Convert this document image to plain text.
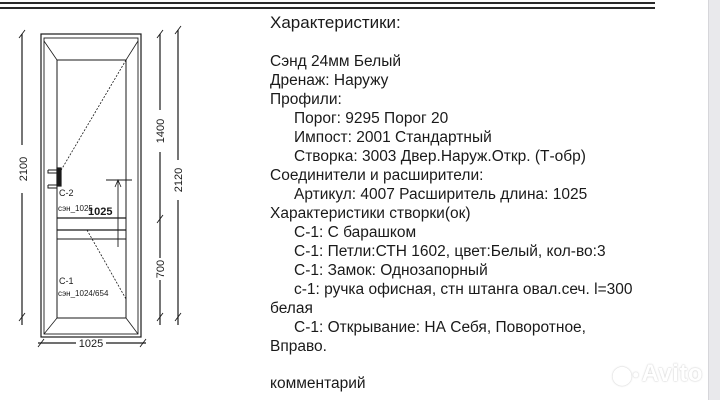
2100
1400
700
2120
1025
С-2
сэн_1025
1025
С-1
сэн_1024/654
Характеристики:
Сэнд 24мм Белый
Дренаж: Наружу
Профили:
Порог: 9295 Порог 20
Импост: 2001 Стандартный
Створка: 3003 Двер.Наруж.Откр. (Т-обр)
Соединители и расширители:
Артикул: 4007 Расширитель длина: 1025
Характеристики створки(ок)
С-1: С барашком
С-1: Петли:СТН 1602, цвет:Белый, кол-во:3
С-1: Замок: Однозапорный
с-1: ручка офисная, стн штанга овал.сеч. l=300
белая
С-1: Открывание: НА Себя, Поворотное,
Вправо.
комментарий	⬤•Avito
